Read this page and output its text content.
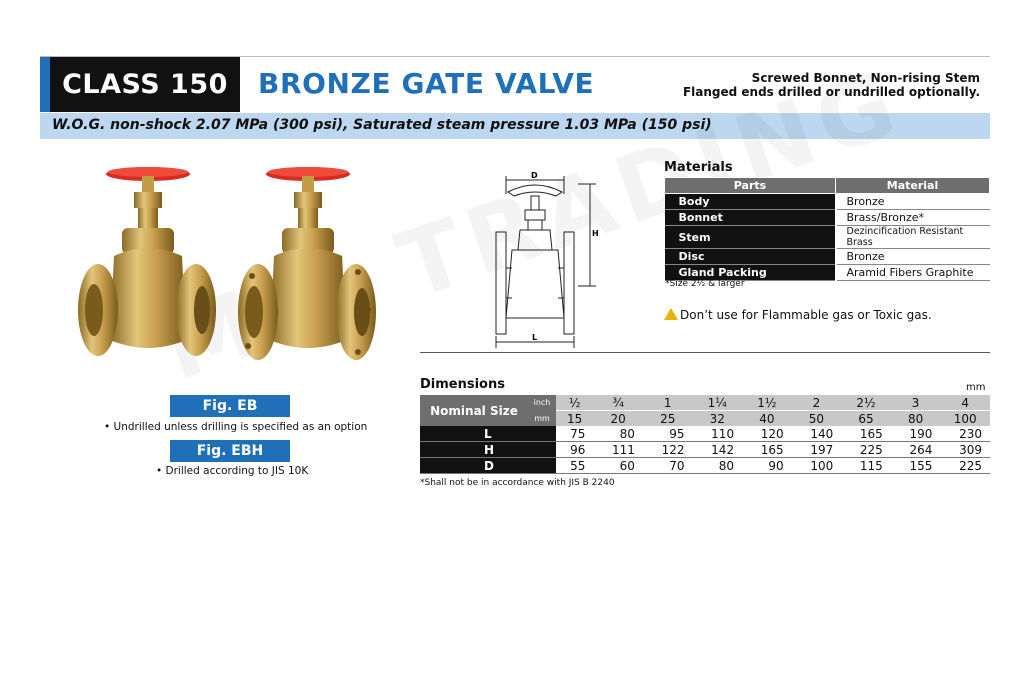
CLASS 150	BRONZE GATE VALVE	Screwed Bonnet, Non-rising Stem
Flanged ends drilled or undrilled optionally.
W.O.G. non-shock 2.07 MPa (300 psi), Saturated steam pressure 1.03 MPa (150 psi)
Fig. EB
• Undrilled unless drilling is specified as an option
Fig. EBH
• Drilled according to JIS 10K
D
H
L
Materials
Parts	Material
Body	Bronze
Bonnet	Brass/Bronze*
Stem	Dezincification Resistant Brass
Disc	Bronze
Gland Packing	Aramid Fibers Graphite
*Size 2½ & larger
Don’t use for Flammable gas or Toxic gas.
Dimensions	mm
Nominal Size	inch	½	¾	1	1¼	1½	2	2½	3	4
	mm	15	20	25	32	40	50	65	80	100
L		75	80	95	110	120	140	165	190	230
H		96	111	122	142	165	197	225	264	309
D		55	60	70	80	90	100	115	155	225
*Shall not be in accordance with JIS B 2240
